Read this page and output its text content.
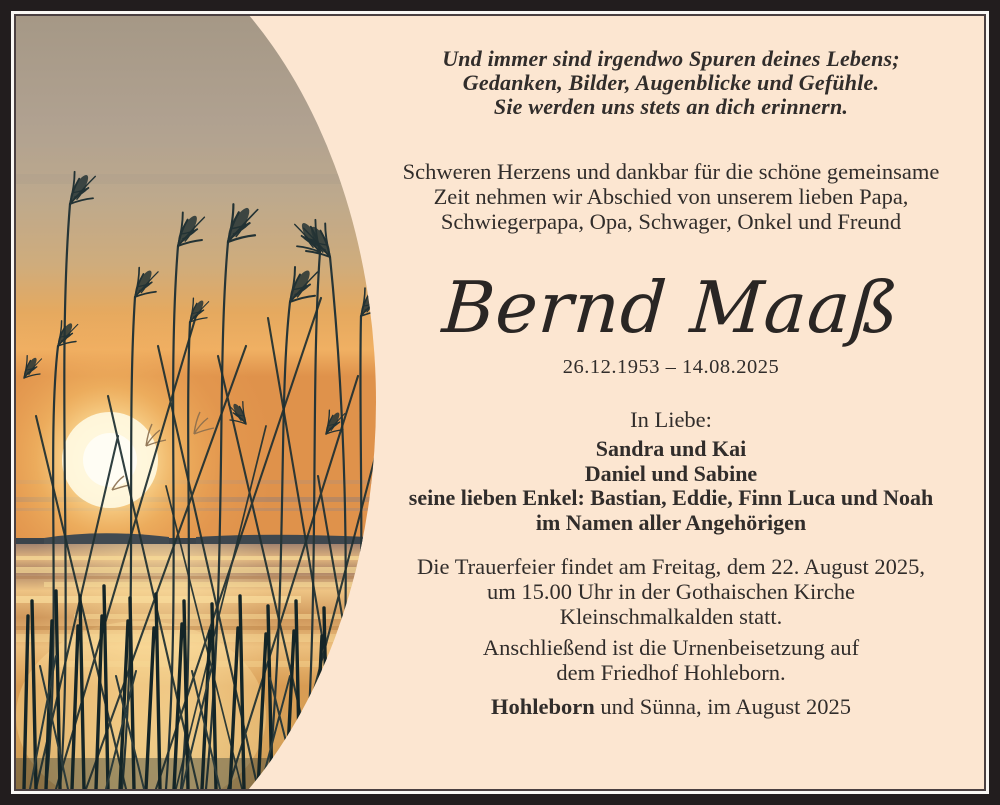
Und immer sind irgendwo Spuren deines Lebens;
Gedanken, Bilder, Augenblicke und Gefühle.
Sie werden uns stets an dich erinnern.
Schweren Herzens und dankbar für die schöne gemeinsame
Zeit nehmen wir Abschied von unserem lieben Papa,
Schwiegerpapa, Opa, Schwager, Onkel und Freund
Bernd Maaß
26.12.1953 – 14.08.2025
In Liebe:
Sandra und Kai
Daniel und Sabine
seine lieben Enkel: Bastian, Eddie, Finn Luca und Noah
im Namen aller Angehörigen
Die Trauerfeier findet am Freitag, dem 22. August 2025,
um 15.00 Uhr in der Gothaischen Kirche
Kleinschmalkalden statt.
Anschließend ist die Urnenbeisetzung auf
dem Friedhof Hohleborn.
Hohleborn und Sünna, im August 2025
